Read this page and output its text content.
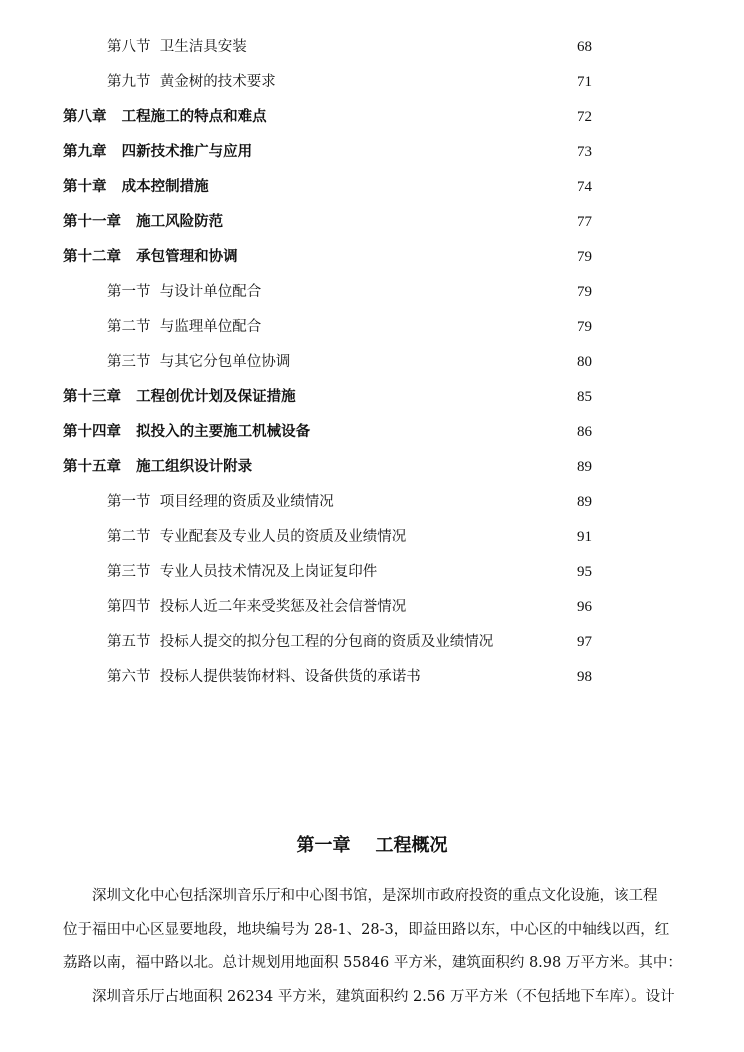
第八节  卫生洁具安装	68
第九节  黄金树的技术要求	71
第八章   工程施工的特点和难点	72
第九章   四新技术推广与应用	73
第十章   成本控制措施	74
第十一章   施工风险防范	77
第十二章   承包管理和协调	79
第一节  与设计单位配合	79
第二节  与监理单位配合	79
第三节  与其它分包单位协调	80
第十三章   工程创优计划及保证措施	85
第十四章   拟投入的主要施工机械设备	86
第十五章   施工组织设计附录	89
第一节  项目经理的资质及业绩情况	89
第二节  专业配套及专业人员的资质及业绩情况	91
第三节  专业人员技术情况及上岗证复印件	95
第四节  投标人近二年来受奖惩及社会信誉情况	96
第五节  投标人提交的拟分包工程的分包商的资质及业绩情况	97
第六节  投标人提供装饰材料、设备供货的承诺书	98
第一章    工程概况
深圳文化中心包括深圳音乐厅和中心图书馆，是深圳市政府投资的重点文化设施，该工程
位于福田中心区显要地段，地块编号为 28-1、28-3，即益田路以东，中心区的中轴线以西，红
荔路以南，福中路以北。总计规划用地面积 55846 平方米，建筑面积约 8.98 万平方米。其中：
深圳音乐厅占地面积 26234 平方米，建筑面积约 2.56 万平方米（不包括地下车库）。设计
